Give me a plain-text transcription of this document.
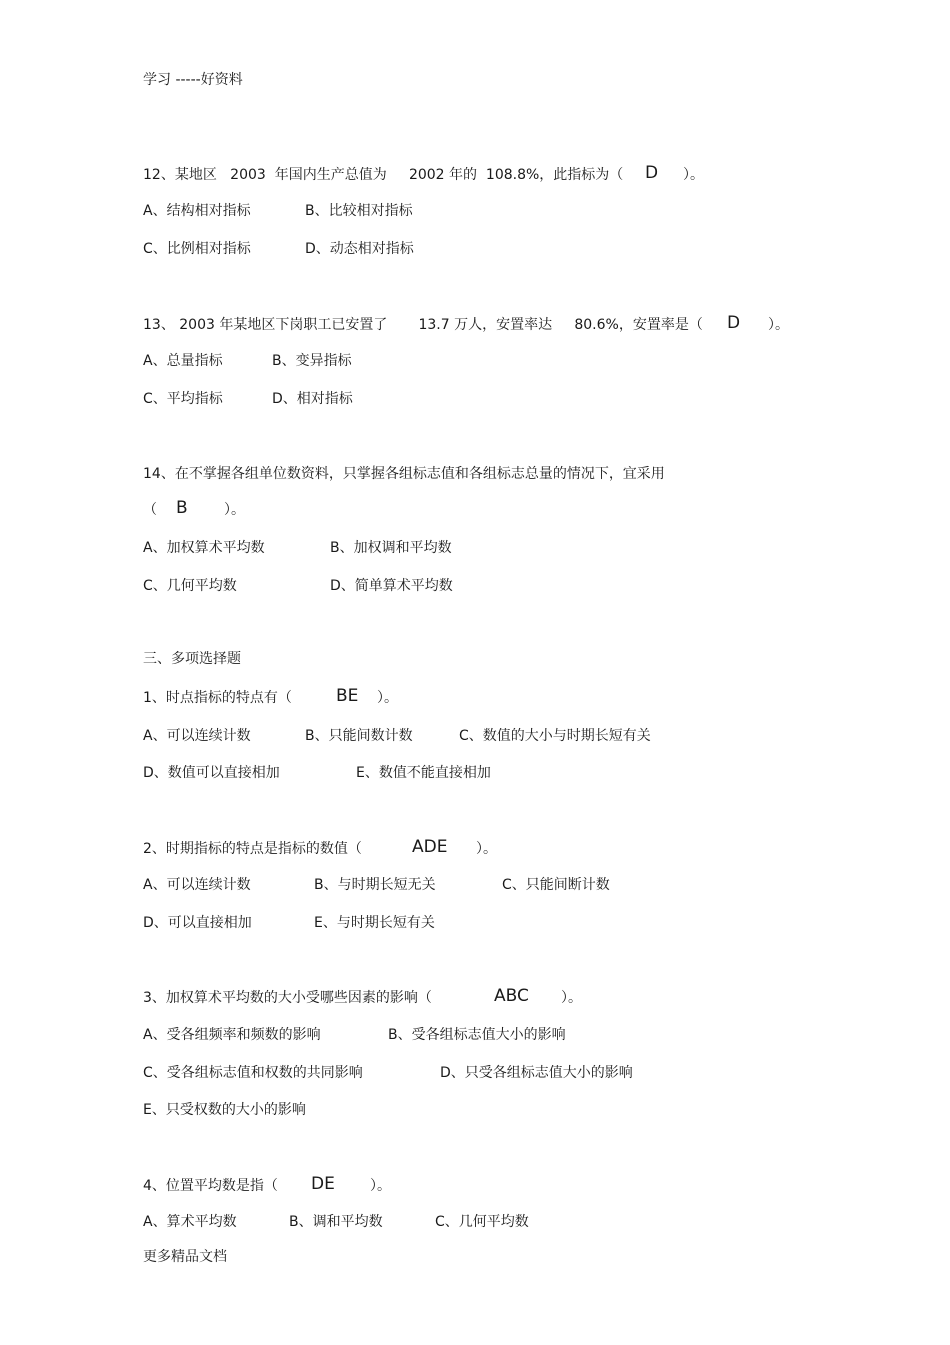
学习 -----好资料
12、某地区   2003  年国内生产总值为     2002 年的  108.8%，此指标为（ D ）。
A、结构相对指标	B、比较相对指标
C、比例相对指标	D、动态相对指标
13、 2003 年某地区下岗职工已安置了       13.7 万人，安置率达     80.6%，安置率是（ D ）。
A、总量指标	B、变异指标
C、平均指标	D、相对指标
14、在不掌握各组单位数资料，只掌握各组标志值和各组标志总量的情况下，宜采用
（ B	）。
A、加权算术平均数	B、加权调和平均数
C、几何平均数	D、简单算术平均数
三、多项选择题
1、时点指标的特点有（	BE ）。
A、可以连续计数	B、只能间数计数	C、数值的大小与时期长短有关
D、数值可以直接相加	E、数值不能直接相加
2、时期指标的特点是指标的数值（	ADE ）。
A、可以连续计数	B、与时期长短无关	C、只能间断计数
D、可以直接相加	E、与时期长短有关
3、加权算术平均数的大小受哪些因素的影响（	ABC ）。
A、受各组频率和频数的影响	B、受各组标志值大小的影响
C、受各组标志值和权数的共同影响	D、只受各组标志值大小的影响
E、只受权数的大小的影响
4、位置平均数是指（ DE	）。
A、算术平均数	B、调和平均数	C、几何平均数
更多精品文档
